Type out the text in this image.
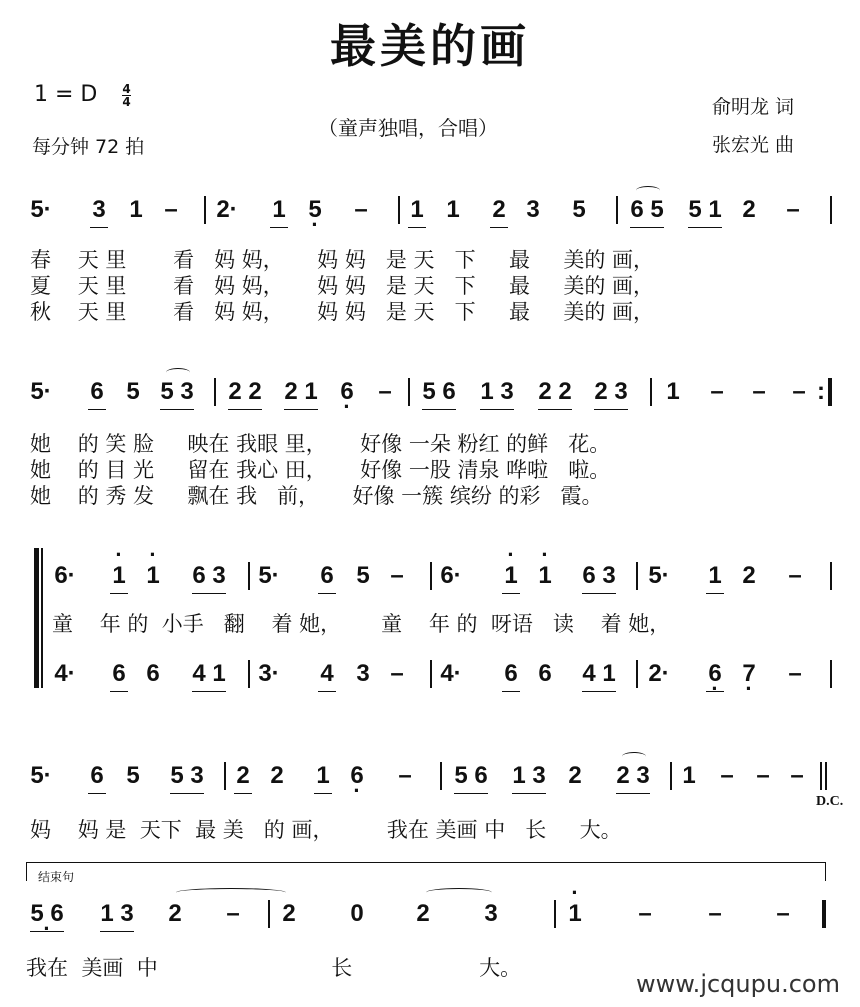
最美的画
1 = D $\frac{4}{4}$
每分钟 72 拍
（童声独唱，合唱）
俞明龙 词
张宏光 曲
5· 3 1 – 2· 1 · 5 – 1 1 2 3 5 6 5 5 1 2 –
春    天 里       看   妈 妈，     妈 妈   是 天   下     最     美的 画，
夏    天 里       看   妈 妈，     妈 妈   是 天   下     最     美的 画，
秋    天 里       看   妈 妈，     妈 妈   是 天   下     最     美的 画，
5· 6 5 5 3 2 2 2 1 · 6 – 5 6 1 3 2 2 2 3 1 – – – :
她    的 笑 脸     映在 我眼 里，     好像 一朵 粉红 的鲜   花。
她    的 目 光     留在 我心 田，     好像 一股 清泉 哗啦   啦。
她    的 秀 发     飘在 我   前，     好像 一簇 缤纷 的彩   霞。
6· · 1 · 1 6 3 5· 6 5 – 6· · 1 · 1 6 3 5· 1 2 –
童    年 的  小手   翻    着 她，      童    年 的  呀语   读    着 她，
4· 6 6 4 1 3· 4 3 – 4· 6 6 4 1 2· · 6 · 7 –
5· 6 5 5 3 2 2 1 · 6 – 5 6 1 3 2 2 3 1 – – –
D.C.
妈    妈 是  天下  最 美   的 画，        我在 美画 中   长     大。
结束句
· 5 6 1 3 2 – 2 0 2 3	· 1 – – –
我在  美画  中                          长                   大。
www.jcqupu.com
